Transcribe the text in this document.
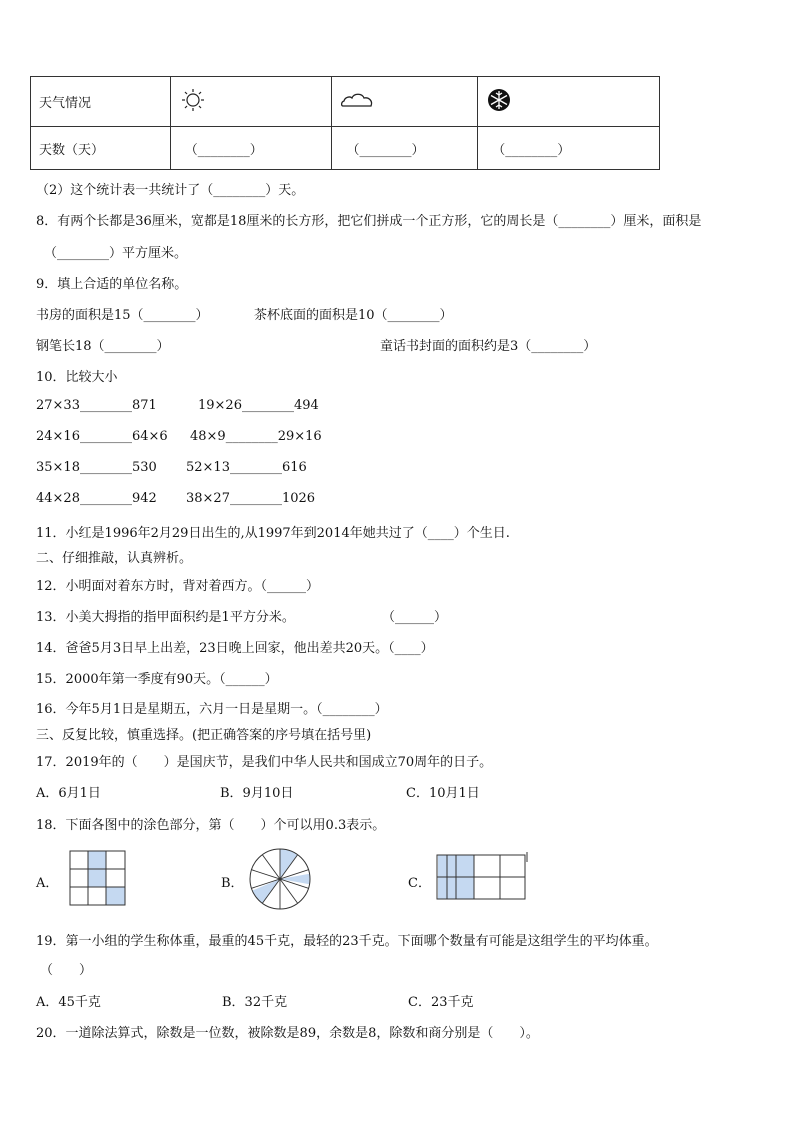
天气情况			
天数（天）	（________）	（________）	（________）
（2）这个统计表一共统计了（________）天。
8．有两个长都是36厘米，宽都是18厘米的长方形，把它们拼成一个正方形，它的周长是（________）厘米，面积是
（________）平方厘米。
9．填上合适的单位名称。
书房的面积是15（________）	茶杯底面的面积是10（________）
钢笔长18（________）	童话书封面的面积约是3（________）
10．比较大小
27×33________871	19×26________494
24×16________64×6 48×9________29×16
35×18________530 52×13________616
44×28________942 38×27________1026
11．小红是1996年2月29日出生的,从1997年到2014年她共过了（____）个生日.
二、仔细推敲，认真辨析。
12．小明面对着东方时，背对着西方。（______）
13．小美大拇指的指甲面积约是1平方分米。	（______）
14．爸爸5月3日早上出差，23日晚上回家，他出差共20天。（____）
15．2000年第一季度有90天。（______）
16．今年5月1日是星期五，六月一日是星期一。（________）
三、反复比较，慎重选择。(把正确答案的序号填在括号里)
17．2019年的（　　）是国庆节，是我们中华人民共和国成立70周年的日子。
A．6月1日	B．9月10日	C．10月1日
18．下面各图中的涂色部分，第（　　）个可以用0.3表示。
A．	B．	C．
19．第一小组的学生称体重，最重的45千克，最轻的23千克。下面哪个数量有可能是这组学生的平均体重。
（　　）
A．45千克	B．32千克	C．23千克
20．一道除法算式，除数是一位数，被除数是89，余数是8，除数和商分别是（　　）。
